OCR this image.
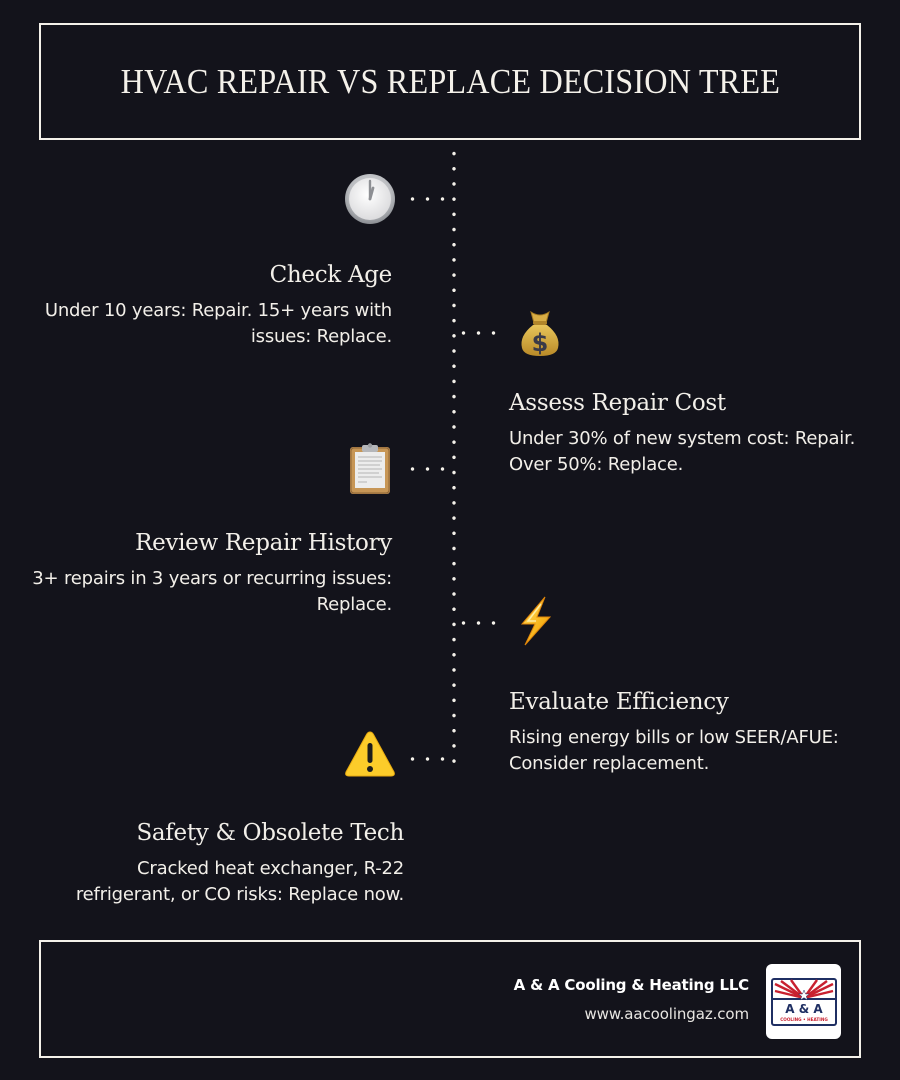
HVAC REPAIR VS REPLACE DECISION TREE
Check Age
Under 10 years: Repair. 15+ years with issues: Replace.	$
Assess Repair Cost
Under 30% of new system cost: Repair. Over 50%: Replace.
Review Repair History
3+ repairs in 3 years or recurring issues: Replace.
Evaluate Efficiency
Rising energy bills or low SEER/AFUE: Consider replacement.
Safety & Obsolete Tech
Cracked heat exchanger, R-22 refrigerant, or CO risks: Replace now.
A & A Cooling & Heating LLC
www.aacoolingaz.com	A & A
COOLING • HEATING
